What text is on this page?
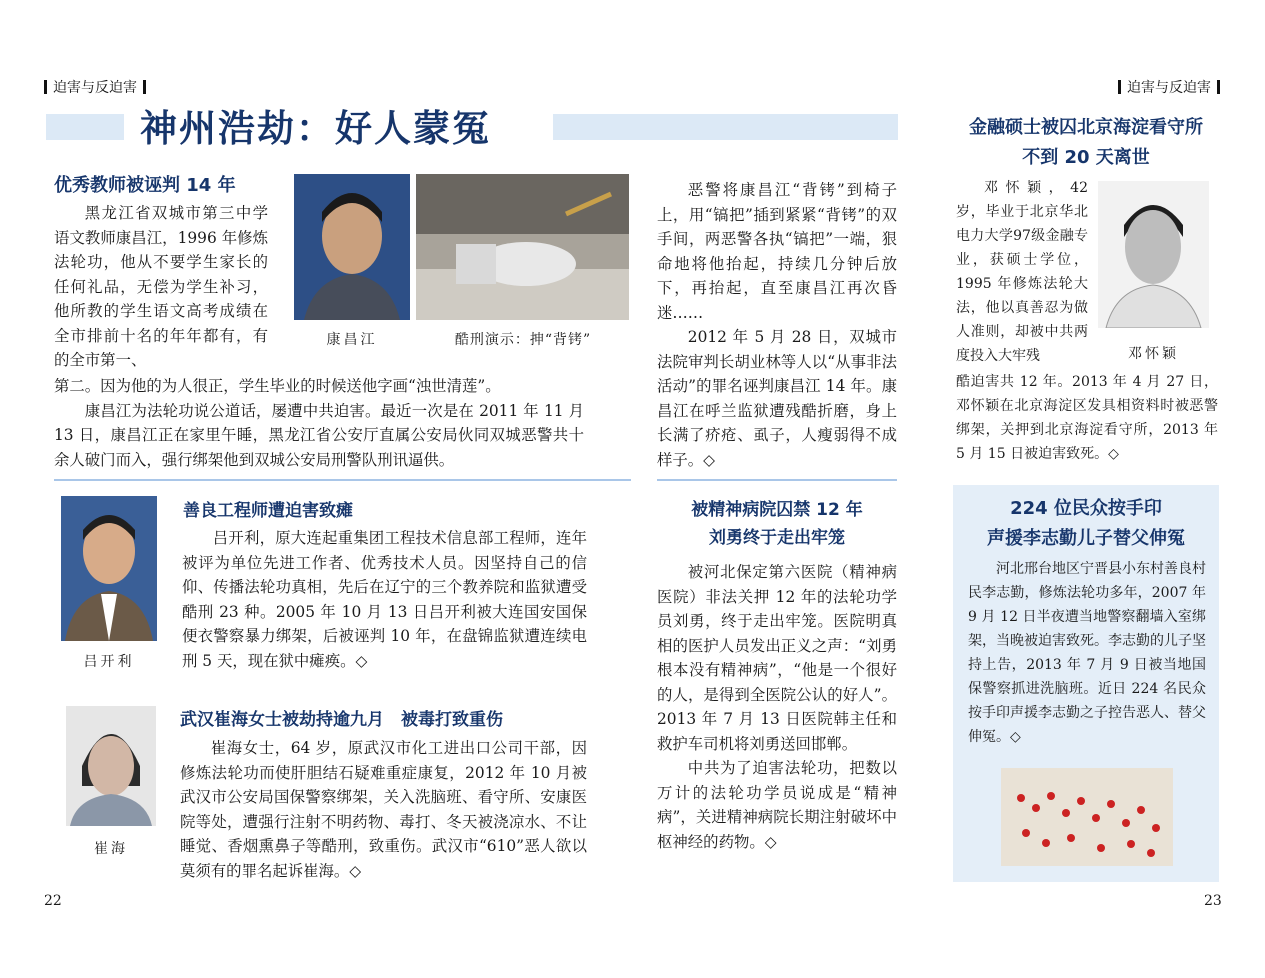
迫害与反迫害	迫害与反迫害
神州浩劫：好人蒙冤
优秀教师被诬判 14 年
康昌江	酷刑演示：抻“背铐”

黑龙江省双城市第三中学语文教师康昌江，1996 年修炼法轮功，他从不要学生家长的任何礼品，无偿为学生补习，他所教的学生语文高考成绩在全市排前十名的年年都有，有的全市第一、

第二。因为他的为人很正，学生毕业的时候送他字画“浊世清莲”。

康昌江为法轮功说公道话，屡遭中共迫害。最近一次是在 2011 年 11 月 13 日，康昌江正在家里午睡，黑龙江省公安厅直属公安局伙同双城恶警共十余人破门而入，强行绑架他到双城公安局刑警队刑讯逼供。

恶警将康昌江“背铐”到椅子上，用“镐把”插到紧紧“背铐”的双手间，两恶警各执“镐把”一端，狠命地将他抬起，持续几分钟后放下，再抬起，直至康昌江再次昏迷……

2012 年 5 月 28 日，双城市法院审判长胡业林等人以“从事非法活动”的罪名诬判康昌江 14 年。康昌江在呼兰监狱遭残酷折磨，身上长满了疥疮、虱子，人瘦弱得不成样子。◇

吕开利
善良工程师遭迫害致瘫

吕开利，原大连起重集团工程技术信息部工程师，连年被评为单位先进工作者、优秀技术人员。因坚持自己的信仰、传播法轮功真相，先后在辽宁的三个教养院和监狱遭受酷刑 23 种。2005 年 10 月 13 日吕开利被大连国安国保便衣警察暴力绑架，后被诬判 10 年，在盘锦监狱遭连续电刑 5 天，现在狱中瘫痪。◇

崔海
武汉崔海女士被劫持逾九月　被毒打致重伤

崔海女士，64 岁，原武汉市化工进出口公司干部，因修炼法轮功而使肝胆结石疑难重症康复，2012 年 10 月被武汉市公安局国保警察绑架，关入洗脑班、看守所、安康医院等处，遭强行注射不明药物、毒打、冬天被浇凉水、不让睡觉、香烟熏鼻子等酷刑，致重伤。武汉市“610”恶人欲以莫须有的罪名起诉崔海。◇

被精神病院囚禁 12 年
刘勇终于走出牢笼

被河北保定第六医院（精神病医院）非法关押 12 年的法轮功学员刘勇，终于走出牢笼。医院明真相的医护人员发出正义之声：“刘勇根本没有精神病”，“他是一个很好的人，是得到全医院公认的好人”。2013 年 7 月 13 日医院韩主任和救护车司机将刘勇送回邯郸。

中共为了迫害法轮功，把数以万计的法轮功学员说成是“精神病”，关进精神病院长期注射破坏中枢神经的药物。◇

金融硕士被囚北京海淀看守所
不到 20 天离世

邓怀颖，42 岁，毕业于北京华北电力大学97级金融专业，获硕士学位，1995 年修炼法轮大法，他以真善忍为做人准则，却被中共两度投入大牢残	邓怀颖

酷迫害共 12 年。2013 年 4 月 27 日，邓怀颖在北京海淀区发具相资料时被恶警绑架，关押到北京海淀看守所，2013 年 5 月 15 日被迫害致死。◇

224 位民众按手印
声援李志勤儿子替父伸冤

河北邢台地区宁晋县小东村善良村民李志勤，修炼法轮功多年，2007 年 9 月 12 日半夜遭当地警察翻墙入室绑架，当晚被迫害致死。李志勤的儿子坚持上告，2013 年 7 月 9 日被当地国保警察抓进洗脑班。近日 224 名民众按手印声援李志勤之子控告恶人、替父伸冤。◇

22	23
